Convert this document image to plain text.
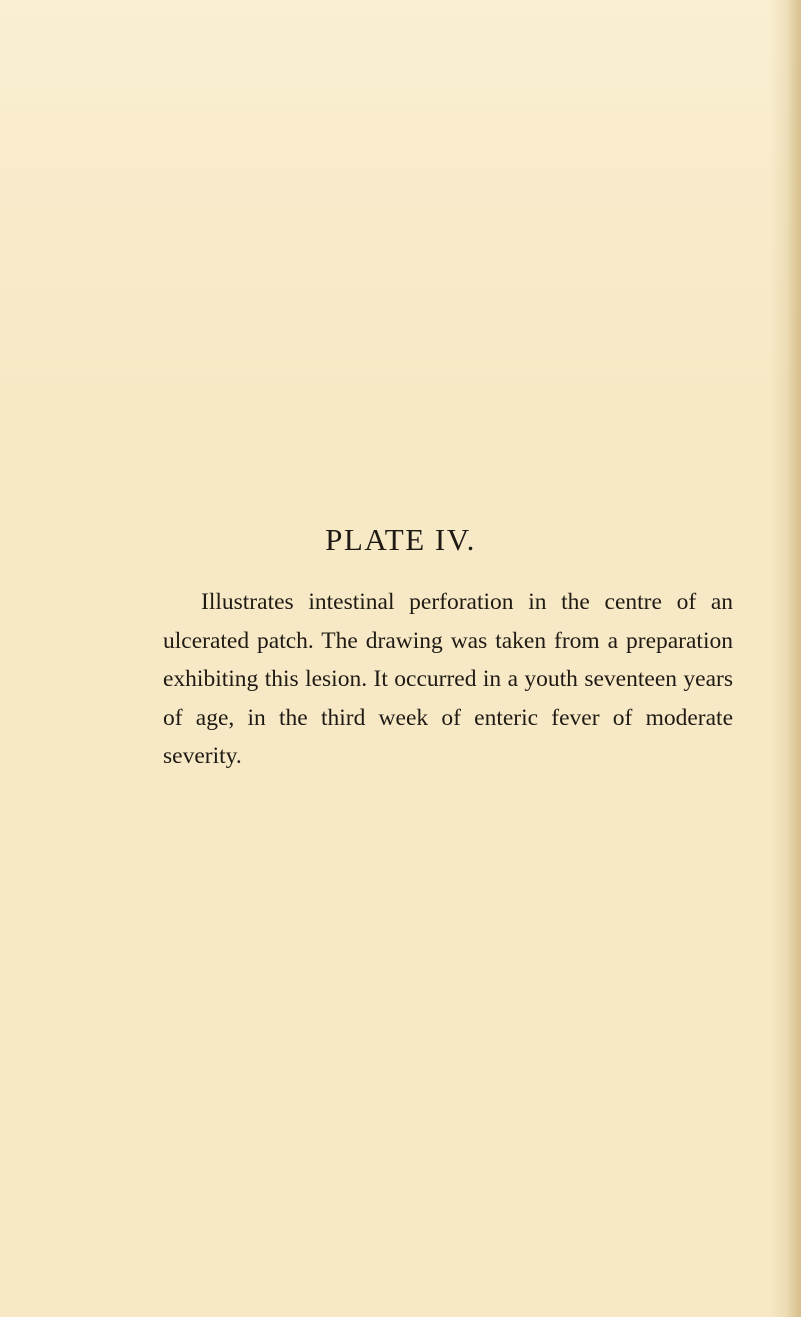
PLATE IV.

Illustrates intestinal perforation in the centre of an ulcerated patch. The drawing was taken from a preparation exhibiting this lesion. It occurred in a youth seventeen years of age, in the third week of enteric fever of moderate severity.
